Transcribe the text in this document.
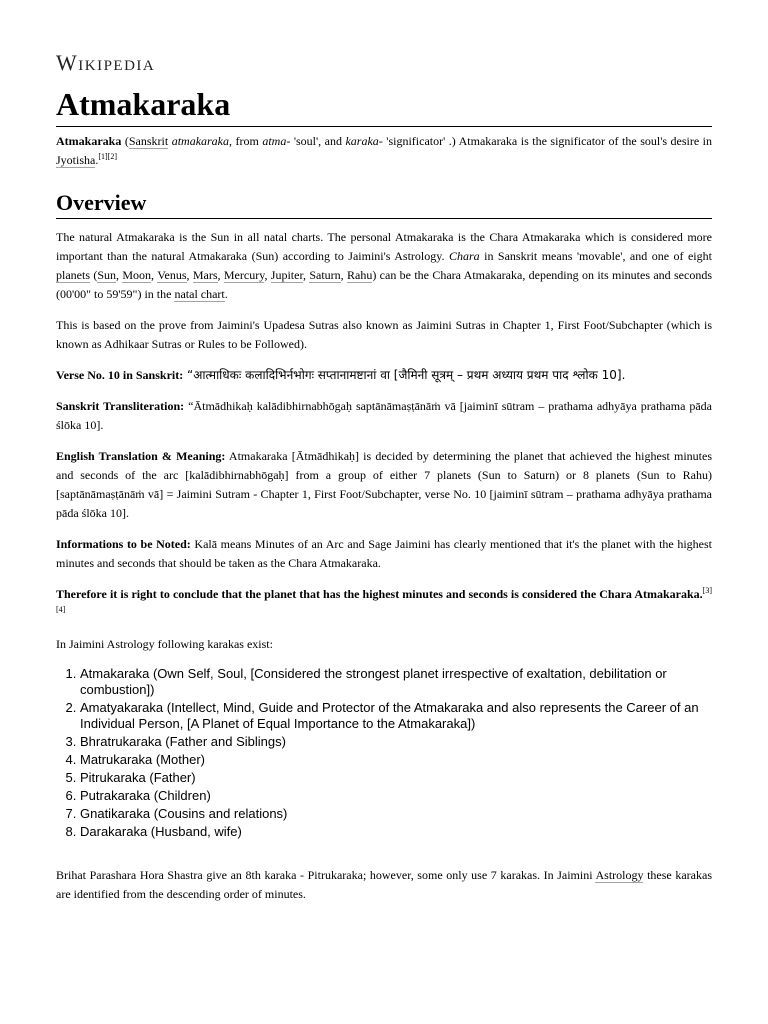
Wikipedia
Atmakaraka

Atmakaraka (Sanskrit atmakaraka, from atma- 'soul', and karaka- 'significator' .) Atmakaraka is the significator of the soul's desire in Jyotisha.[1][2]

Overview

The natural Atmakaraka is the Sun in all natal charts. The personal Atmakaraka is the Chara Atmakaraka which is considered more important than the natural Atmakaraka (Sun) according to Jaimini's Astrology. Chara in Sanskrit means 'movable', and one of eight planets (Sun, Moon, Venus, Mars, Mercury, Jupiter, Saturn, Rahu) can be the Chara Atmakaraka, depending on its minutes and seconds (00'00" to 59'59") in the natal chart.

This is based on the prove from Jaimini's Upadesa Sutras also known as Jaimini Sutras in Chapter 1, First Foot/Subchapter (which is known as Adhikaar Sutras or Rules to be Followed).

Verse No. 10 in Sanskrit: “आत्माधिकः कलादिभिर्नभोगः सप्तानामष्टानां वा [जैमिनी सूत्रम् – प्रथम अध्याय प्रथम पाद श्लोक 10].

Sanskrit Transliteration: “Ātmādhikaḥ kalādibhirnabhōgaḥ saptānāmaṣṭānāṁ vā [jaiminī sūtram – prathama adhyāya prathama pāda ślōka 10].

English Translation & Meaning: Atmakaraka [Ātmādhikaḥ] is decided by determining the planet that achieved the highest minutes and seconds of the arc [kalādibhirnabhōgaḥ] from a group of either 7 planets (Sun to Saturn) or 8 planets (Sun to Rahu) [saptānāmaṣṭānāṁ vā] = Jaimini Sutram - Chapter 1, First Foot/Subchapter, verse No. 10 [jaiminī sūtram – prathama adhyāya prathama pāda ślōka 10].

Informations to be Noted: Kalā means Minutes of an Arc and Sage Jaimini has clearly mentioned that it's the planet with the highest minutes and seconds that should be taken as the Chara Atmakaraka.

Therefore it is right to conclude that the planet that has the highest minutes and seconds is considered the Chara Atmakaraka.[3][4]

In Jaimini Astrology following karakas exist:

1. Atmakaraka (Own Self, Soul, [Considered the strongest planet irrespective of exaltation, debilitation or combustion])
2. Amatyakaraka (Intellect, Mind, Guide and Protector of the Atmakaraka and also represents the Career of an Individual Person, [A Planet of Equal Importance to the Atmakaraka])
3. Bhratrukaraka (Father and Siblings)
4. Matrukaraka (Mother)
5. Pitrukaraka (Father)
6. Putrakaraka (Children)
7. Gnatikaraka (Cousins and relations)
8. Darakaraka (Husband, wife)

Brihat Parashara Hora Shastra give an 8th karaka - Pitrukaraka; however, some only use 7 karakas. In Jaimini Astrology these karakas are identified from the descending order of minutes.
